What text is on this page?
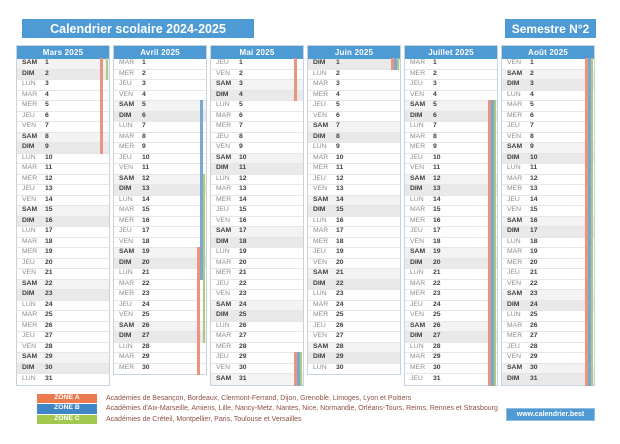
Calendrier scolaire 2024-2025	Semestre N°2
Mars 2025
SAM	1
DIM	2
LUN	3
MAR	4
MER	5
JEU	6
VEN	7
SAM	8
DIM	9
LUN	10
MAR	11
MER	12
JEU	13
VEN	14
SAM	15
DIM	16
LUN	17
MAR	18
MER	19
JEU	20
VEN	21
SAM	22
DIM	23
LUN	24
MAR	25
MER	26
JEU	27
VEN	28
SAM	29
DIM	30
LUN	31
Avril 2025
MAR	1
MER	2
JEU	3
VEN	4
SAM	5
DIM	6
LUN	7
MAR	8
MER	9
JEU	10
VEN	11
SAM	12
DIM	13
LUN	14
MAR	15
MER	16
JEU	17
VEN	18
SAM	19
DIM	20
LUN	21
MAR	22
MER	23
JEU	24
VEN	25
SAM	26
DIM	27
LUN	28
MAR	29
MER	30
Mai 2025
JEU	1
VEN	2
SAM	3
DIM	4
LUN	5
MAR	6
MER	7
JEU	8
VEN	9
SAM	10
DIM	11
LUN	12
MAR	13
MER	14
JEU	15
VEN	16
SAM	17
DIM	18
LUN	19
MAR	20
MER	21
JEU	22
VEN	23
SAM	24
DIM	25
LUN	26
MAR	27
MER	28
JEU	29
VEN	30
SAM	31
Juin 2025
DIM	1
LUN	2
MAR	3
MER	4
JEU	5
VEN	6
SAM	7
DIM	8
LUN	9
MAR	10
MER	11
JEU	12
VEN	13
SAM	14
DIM	15
LUN	16
MAR	17
MER	18
JEU	19
VEN	20
SAM	21
DIM	22
LUN	23
MAR	24
MER	25
JEU	26
VEN	27
SAM	28
DIM	29
LUN	30
Juillet 2025
MAR	1
MER	2
JEU	3
VEN	4
SAM	5
DIM	6
LUN	7
MAR	8
MER	9
JEU	10
VEN	11
SAM	12
DIM	13
LUN	14
MAR	15
MER	16
JEU	17
VEN	18
SAM	19
DIM	20
LUN	21
MAR	22
MER	23
JEU	24
VEN	25
SAM	26
DIM	27
LUN	28
MAR	29
MER	30
JEU	31
Août 2025
VEN	1
SAM	2
DIM	3
LUN	4
MAR	5
MER	6
JEU	7
VEN	8
SAM	9
DIM	10
LUN	11
MAR	12
MER	13
JEU	14
VEN	15
SAM	16
DIM	17
LUN	18
MAR	19
MER	20
JEU	21
VEN	22
SAM	23
DIM	24
LUN	25
MAR	26
MER	27
JEU	28
VEN	29
SAM	30
DIM	31
ZONE A	Académies de Besançon, Bordeaux, Clermont-Ferrand, Dijon, Grenoble, Limoges, Lyon et Poitiers
ZONE B	Académies d'Aix-Marseille, Amiens, Lille, Nancy-Metz, Nantes, Nice, Normandie, Orléans-Tours, Reims, Rennes et Strasbourg
ZONE C	Académies de Créteil, Montpellier, Paris, Toulouse et Versailles
www.calendrier.best
